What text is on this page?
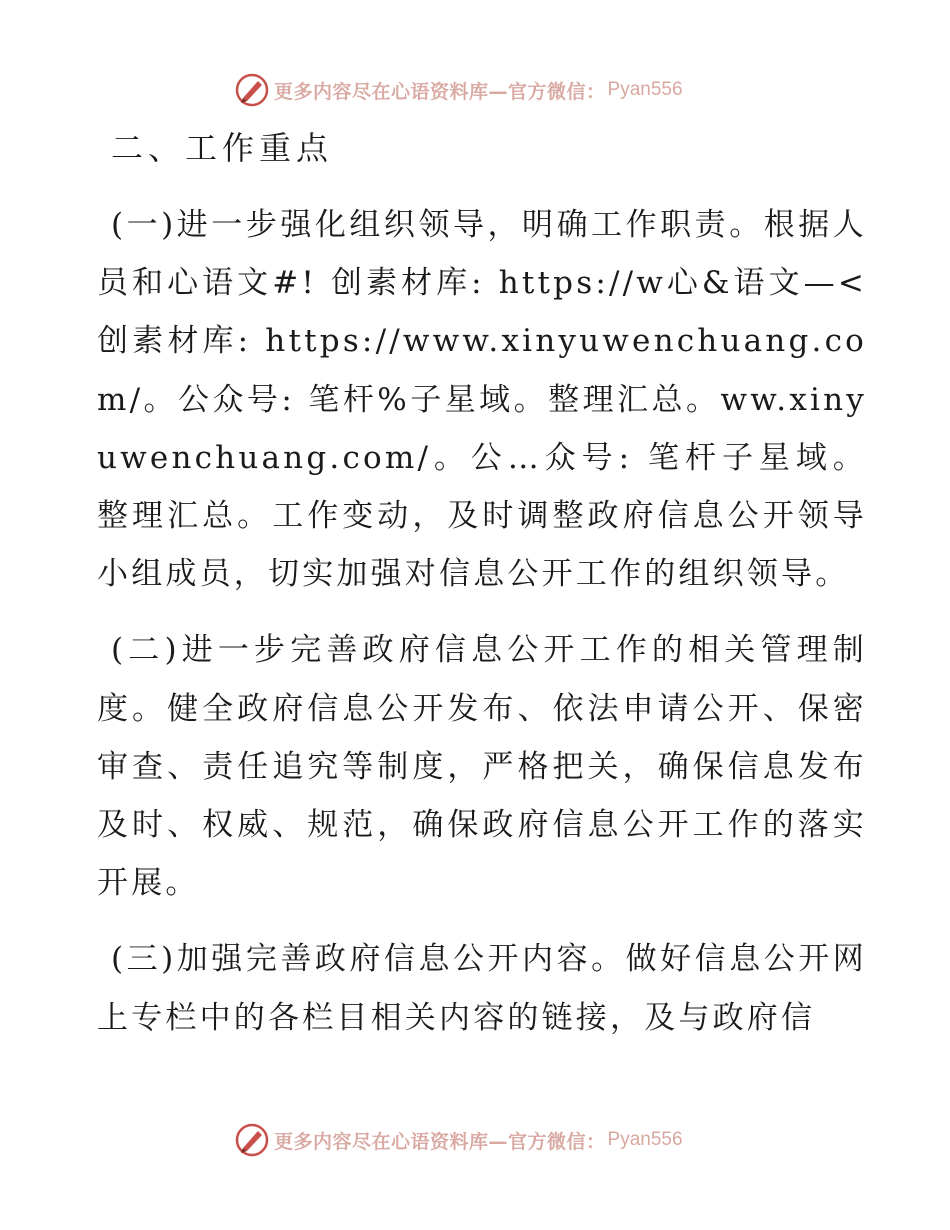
更多内容尽在心语资料库—官方微信： Pyan556
二、工作重点

(一)进一步强化组织领导，明确工作职责。根据人员和心语文#! 创素材库: https://w心&语文—<创素材库: https://www.xinyuwenchuang.com/。公众号: 笔杆%子星域。整理汇总。ww.xinyuwenchuang.com/。公…众号: 笔杆子星域。整理汇总。工作变动，及时调整政府信息公开领导小组成员，切实加强对信息公开工作的组织领导。

(二)进一步完善政府信息公开工作的相关管理制度。健全政府信息公开发布、依法申请公开、保密审查、责任追究等制度，严格把关，确保信息发布及时、权威、规范，确保政府信息公开工作的落实开展。

(三)加强完善政府信息公开内容。做好信息公开网上专栏中的各栏目相关内容的链接，及与政府信

更多内容尽在心语资料库—官方微信： Pyan556
